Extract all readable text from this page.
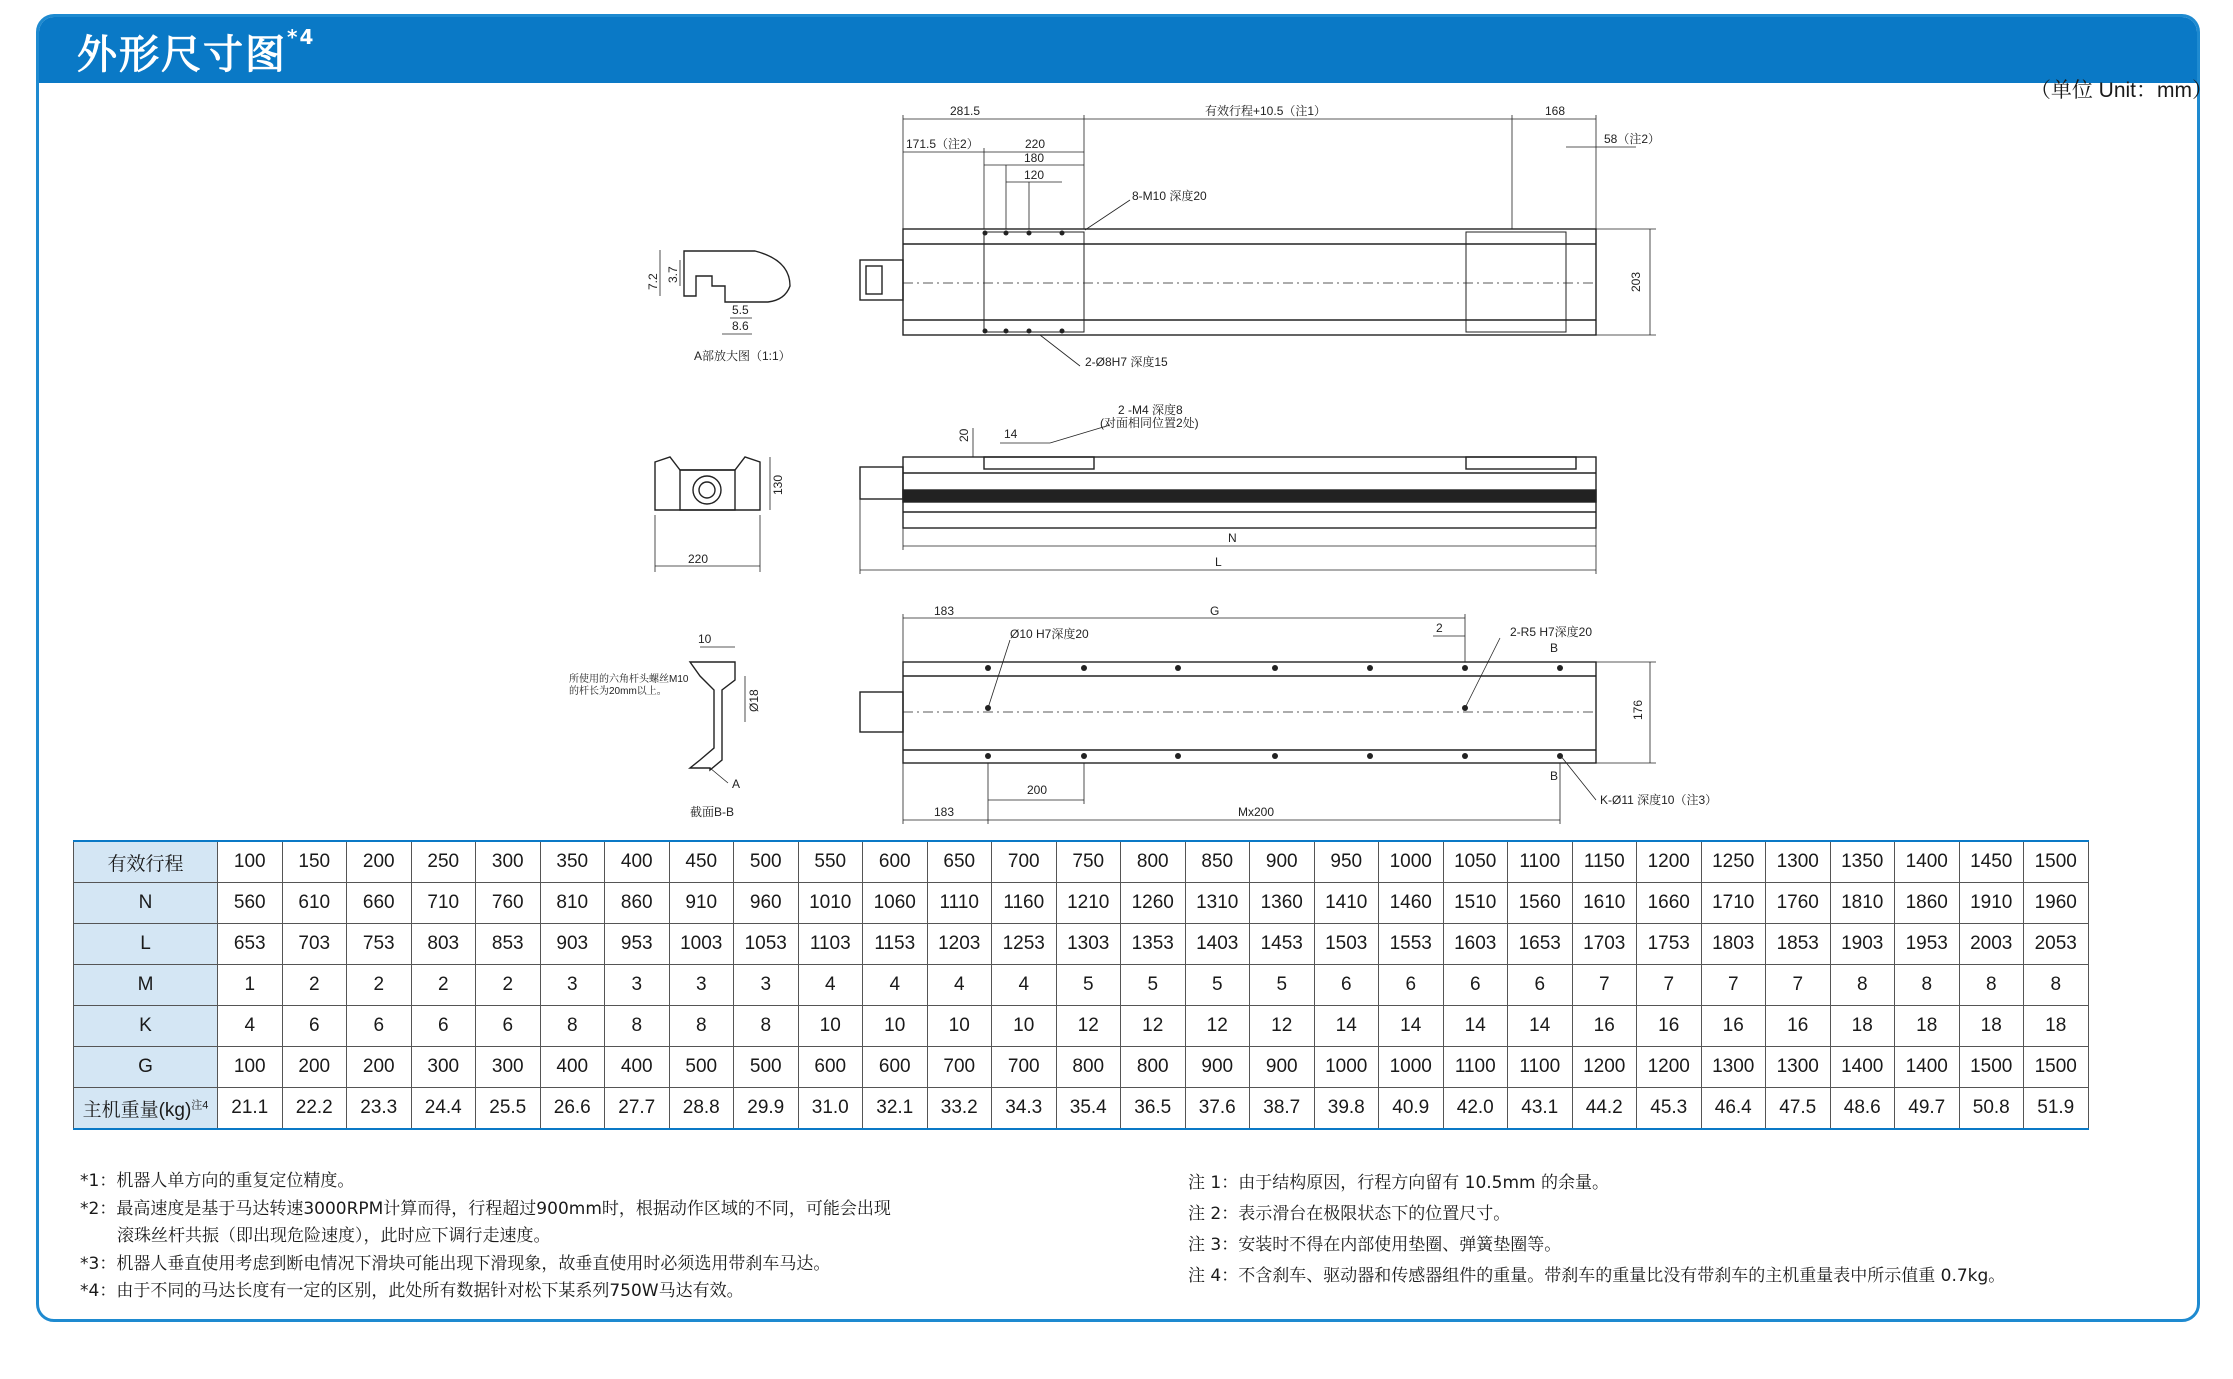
外形尺寸图$^{*4}$
（单位 Unit：mm）
281.5	有效行程+10.5（注1）	168
171.5（注2）	220	58（注2）
180
120
8-M10 深度20
203
2-Ø8H7 深度15
7.2 3.7
5.5
8.6
A部放大图（1:1）
20	14
2 -M4 深度8
(对面相同位置2处)
130
220
N
L
183	G
Ø10 H7深度20	2	2-R5 H7深度20
B
176
200
183	Mx200
B
K-Ø11 深度10（注3）
10
Ø18
A
所使用的六角杆头螺丝M10
的杆长为20mm以上。
截面B-B
有效行程	100	150	200	250	300	350	400	450	500	550	600	650	700	750	800	850	900	950	1000	1050	1100	1150	1200	1250	1300	1350	1400	1450	1500
N	560	610	660	710	760	810	860	910	960	1010	1060	1110	1160	1210	1260	1310	1360	1410	1460	1510	1560	1610	1660	1710	1760	1810	1860	1910	1960
L	653	703	753	803	853	903	953	1003	1053	1103	1153	1203	1253	1303	1353	1403	1453	1503	1553	1603	1653	1703	1753	1803	1853	1903	1953	2003	2053
M	1	2	2	2	2	3	3	3	3	4	4	4	4	5	5	5	5	6	6	6	6	7	7	7	7	8	8	8	8
K	4	6	6	6	6	8	8	8	8	10	10	10	10	12	12	12	12	14	14	14	14	16	16	16	16	18	18	18	18
G	100	200	200	300	300	400	400	500	500	600	600	700	700	800	800	900	900	1000	1000	1100	1100	1200	1200	1300	1300	1400	1400	1500	1500
主机重量(kg)$^{注4}$	21.1	22.2	23.3	24.4	25.5	26.6	27.7	28.8	29.9	31.0	32.1	33.2	34.3	35.4	36.5	37.6	38.7	39.8	40.9	42.0	43.1	44.2	45.3	46.4	47.5	48.6	49.7	50.8	51.9
*1：机器人单方向的重复定位精度。
*2：最高速度是基于马达转速3000RPM计算而得，行程超过900mm时，根据动作区域的不同，可能会出现
滚珠丝杆共振（即出现危险速度），此时应下调行走速度。
*3：机器人垂直使用考虑到断电情况下滑块可能出现下滑现象，故垂直使用时必须选用带刹车马达。
*4：由于不同的马达长度有一定的区别，此处所有数据针对松下某系列750W马达有效。
注 1：由于结构原因，行程方向留有 10.5mm 的余量。
注 2：表示滑台在极限状态下的位置尺寸。
注 3：安装时不得在内部使用垫圈、弹簧垫圈等。
注 4：不含刹车、驱动器和传感器组件的重量。带刹车的重量比没有带刹车的主机重量表中所示值重 0.7kg。
